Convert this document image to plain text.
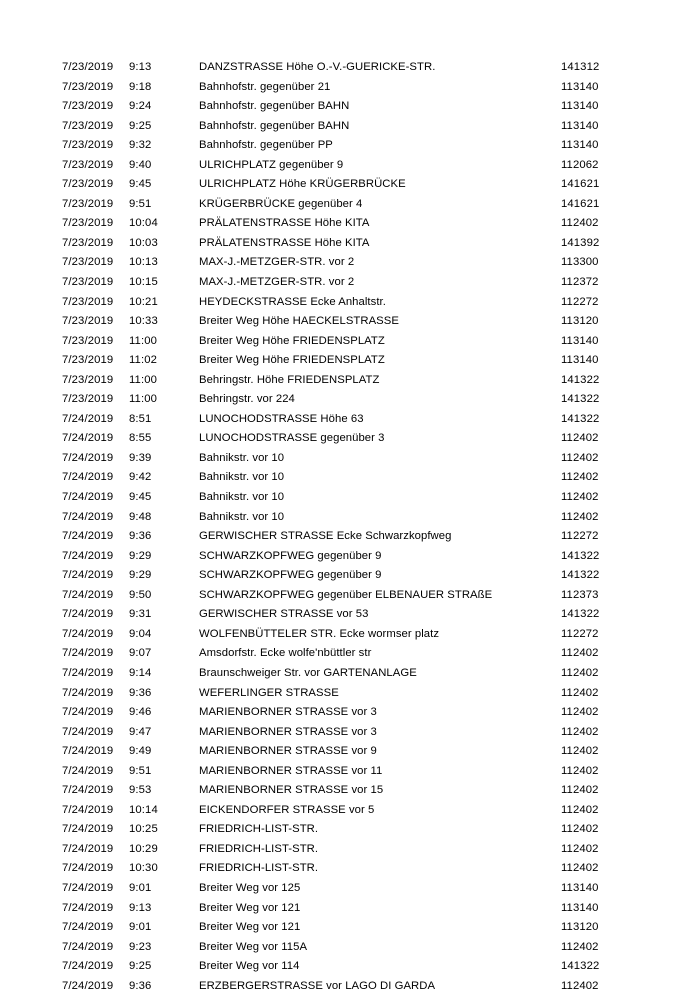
7/23/2019 9:13	DANZSTRASSE Höhe O.-V.-GUERICKE-STR.	141312
7/23/2019 9:18	Bahnhofstr. gegenüber 21	113140
7/23/2019 9:24	Bahnhofstr. gegenüber BAHN	113140
7/23/2019 9:25	Bahnhofstr. gegenüber BAHN	113140
7/23/2019 9:32	Bahnhofstr. gegenüber PP	113140
7/23/2019 9:40	ULRICHPLATZ gegenüber 9	112062
7/23/2019 9:45	ULRICHPLATZ Höhe KRÜGERBRÜCKE	141621
7/23/2019 9:51	KRÜGERBRÜCKE gegenüber 4	141621
7/23/2019 10:04	PRÄLATENSTRASSE Höhe KITA	112402
7/23/2019 10:03	PRÄLATENSTRASSE Höhe KITA	141392
7/23/2019 10:13	MAX-J.-METZGER-STR. vor 2	113300
7/23/2019 10:15	MAX-J.-METZGER-STR. vor 2	112372
7/23/2019 10:21	HEYDECKSTRASSE Ecke Anhaltstr.	112272
7/23/2019 10:33	Breiter Weg Höhe HAECKELSTRASSE	113120
7/23/2019 11:00	Breiter Weg Höhe FRIEDENSPLATZ	113140
7/23/2019 11:02	Breiter Weg Höhe FRIEDENSPLATZ	113140
7/23/2019 11:00	Behringstr. Höhe FRIEDENSPLATZ	141322
7/23/2019 11:00	Behringstr. vor 224	141322
7/24/2019 8:51	LUNOCHODSTRASSE Höhe 63	141322
7/24/2019 8:55	LUNOCHODSTRASSE gegenüber 3	112402
7/24/2019 9:39	Bahnikstr. vor 10	112402
7/24/2019 9:42	Bahnikstr. vor 10	112402
7/24/2019 9:45	Bahnikstr. vor 10	112402
7/24/2019 9:48	Bahnikstr. vor 10	112402
7/24/2019 9:36	GERWISCHER STRASSE Ecke Schwarzkopfweg	112272
7/24/2019 9:29	SCHWARZKOPFWEG gegenüber 9	141322
7/24/2019 9:29	SCHWARZKOPFWEG gegenüber 9	141322
7/24/2019 9:50	SCHWARZKOPFWEG gegenüber ELBENAUER STRAßE	112373
7/24/2019 9:31	GERWISCHER STRASSE vor 53	141322
7/24/2019 9:04	WOLFENBÜTTELER STR. Ecke wormser platz	112272
7/24/2019 9:07	Amsdorfstr. Ecke wolfe'nbüttler str	112402
7/24/2019 9:14	Braunschweiger Str. vor GARTENANLAGE	112402
7/24/2019 9:36	WEFERLINGER STRASSE	112402
7/24/2019 9:46	MARIENBORNER STRASSE vor 3	112402
7/24/2019 9:47	MARIENBORNER STRASSE vor 3	112402
7/24/2019 9:49	MARIENBORNER STRASSE vor 9	112402
7/24/2019 9:51	MARIENBORNER STRASSE vor 11	112402
7/24/2019 9:53	MARIENBORNER STRASSE vor 15	112402
7/24/2019 10:14	EICKENDORFER STRASSE vor 5	112402
7/24/2019 10:25	FRIEDRICH-LIST-STR.	112402
7/24/2019 10:29	FRIEDRICH-LIST-STR.	112402
7/24/2019 10:30	FRIEDRICH-LIST-STR.	112402
7/24/2019 9:01	Breiter Weg vor 125	113140
7/24/2019 9:13	Breiter Weg vor 121	113140
7/24/2019 9:01	Breiter Weg vor 121	113120
7/24/2019 9:23	Breiter Weg vor 115A	112402
7/24/2019 9:25	Breiter Weg vor 114	141322
7/24/2019 9:36	ERZBERGERSTRASSE vor LAGO DI GARDA	112402
